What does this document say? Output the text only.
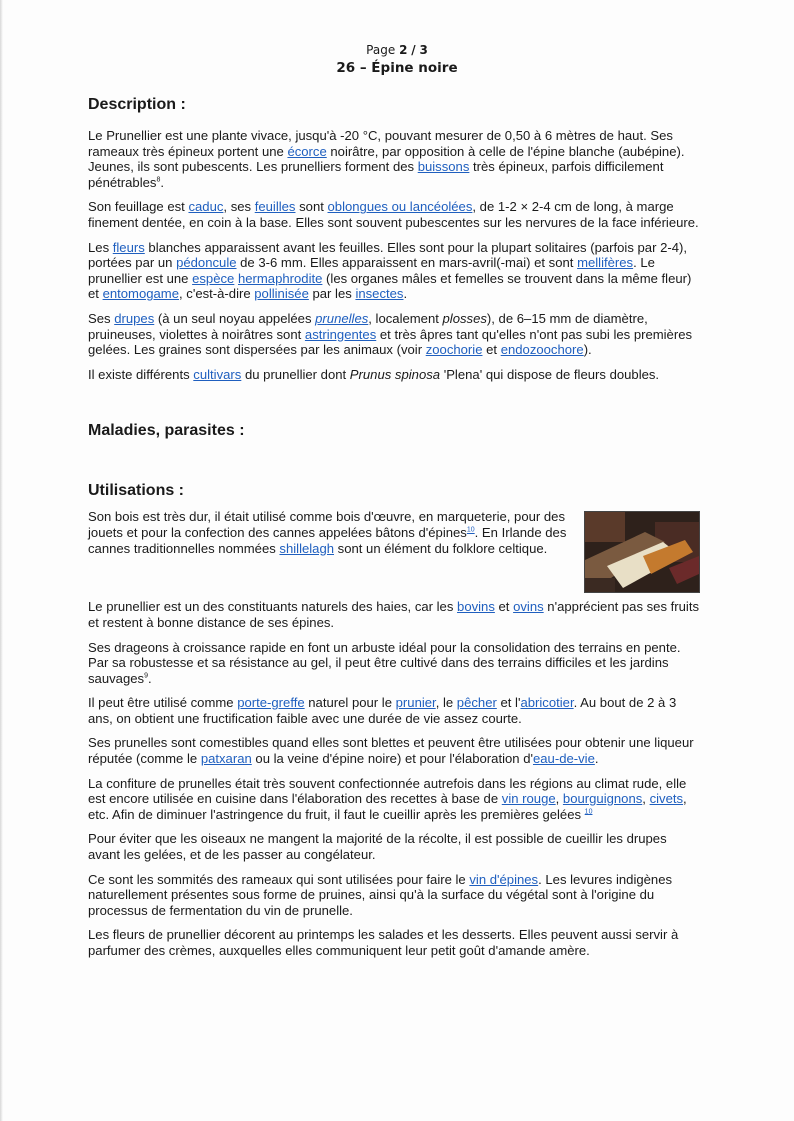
Page 2 / 3
26 – Épine noire
Description :

Le Prunellier est une plante vivace, jusqu'à -20 °C, pouvant mesurer de 0,50 à 6 mètres de haut. Ses rameaux très épineux portent une écorce noirâtre, par opposition à celle de l'épine blanche (aubépine). Jeunes, ils sont pubescents. Les prunelliers forment des buissons très épineux, parfois difficilement pénétrables$^8$.

Son feuillage est caduc, ses feuilles sont oblongues ou lancéolées, de 1-2 × 2-4 cm de long, à marge finement dentée, en coin à la base. Elles sont souvent pubescentes sur les nervures de la face inférieure.

Les fleurs blanches apparaissent avant les feuilles. Elles sont pour la plupart solitaires (parfois par 2-4), portées par un pédoncule de 3-6 mm. Elles apparaissent en mars-avril(-mai) et sont mellifères. Le prunellier est une espèce hermaphrodite (les organes mâles et femelles se trouvent dans la même fleur) et entomogame, c'est-à-dire pollinisée par les insectes.

Ses drupes (à un seul noyau appelées prunelles, localement plosses), de 6–15 mm de diamètre, pruineuses, violettes à noirâtres sont astringentes et très âpres tant qu'elles n'ont pas subi les premières gelées. Les graines sont dispersées par les animaux (voir zoochorie et endozoochore).

Il existe différents cultivars du prunellier dont Prunus spinosa 'Plena' qui dispose de fleurs doubles.

Maladies, parasites :
Utilisations :

Son bois est très dur, il était utilisé comme bois d'œuvre, en marqueterie, pour des jouets et pour la confection des cannes appelées bâtons d'épines$^{10}$. En Irlande des cannes traditionnelles nommées shillelagh sont un élément du folklore celtique.

Le prunellier est un des constituants naturels des haies, car les bovins et ovins n'apprécient pas ses fruits et restent à bonne distance de ses épines.

Ses drageons à croissance rapide en font un arbuste idéal pour la consolidation des terrains en pente. Par sa robustesse et sa résistance au gel, il peut être cultivé dans des terrains difficiles et les jardins sauvages$^9$.

Il peut être utilisé comme porte-greffe naturel pour le prunier, le pêcher et l'abricotier. Au bout de 2 à 3 ans, on obtient une fructification faible avec une durée de vie assez courte.

Ses prunelles sont comestibles quand elles sont blettes et peuvent être utilisées pour obtenir une liqueur réputée (comme le patxaran ou la veine d'épine noire) et pour l'élaboration d'eau-de-vie.

La confiture de prunelles était très souvent confectionnée autrefois dans les régions au climat rude, elle est encore utilisée en cuisine dans l'élaboration des recettes à base de vin rouge, bourguignons, civets, etc. Afin de diminuer l'astringence du fruit, il faut le cueillir après les premières gelées $^{10}$

Pour éviter que les oiseaux ne mangent la majorité de la récolte, il est possible de cueillir les drupes avant les gelées, et de les passer au congélateur.

Ce sont les sommités des rameaux qui sont utilisées pour faire le vin d'épines. Les levures indigènes naturellement présentes sous forme de pruines, ainsi qu'à la surface du végétal sont à l'origine du processus de fermentation du vin de prunelle.

Les fleurs de prunellier décorent au printemps les salades et les desserts. Elles peuvent aussi servir à parfumer des crèmes, auxquelles elles communiquent leur petit goût d'amande amère.
